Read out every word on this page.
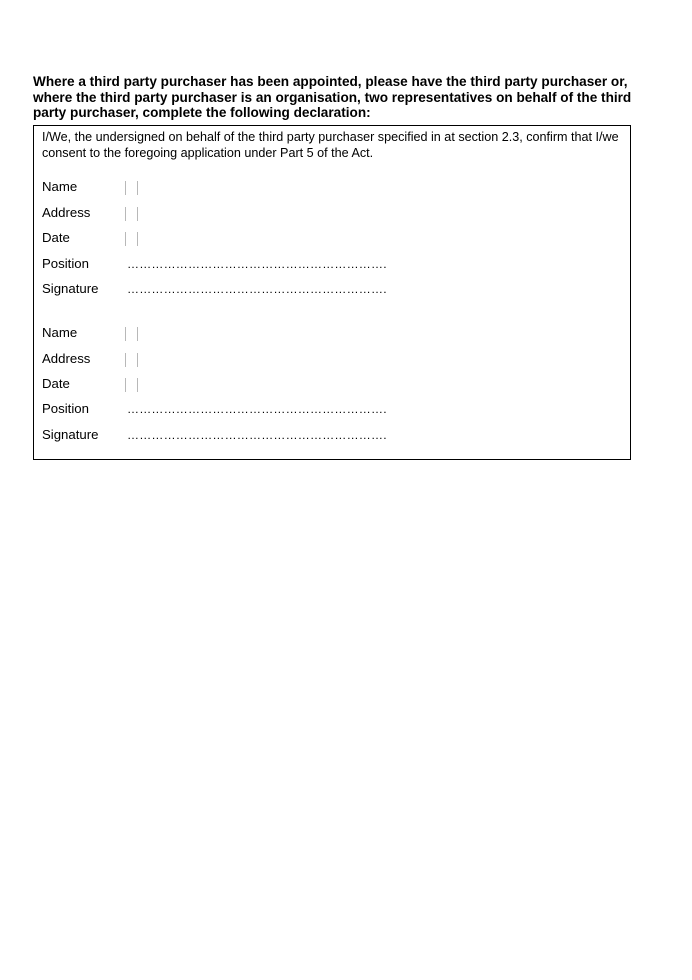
Where a third party purchaser has been appointed, please have the third party purchaser or, where the third party purchaser is an organisation, two representatives on behalf of the third party purchaser, complete the following declaration:

I/We, the undersigned on behalf of the third party purchaser specified in at section 2.3, confirm that I/we consent to the foregoing application under Part 5 of the Act.

Name
Address
Date
Position	……………………………………………………….
Signature ……………………………………………………….
Name
Address
Date
Position	……………………………………………………….
Signature ……………………………………………………….
